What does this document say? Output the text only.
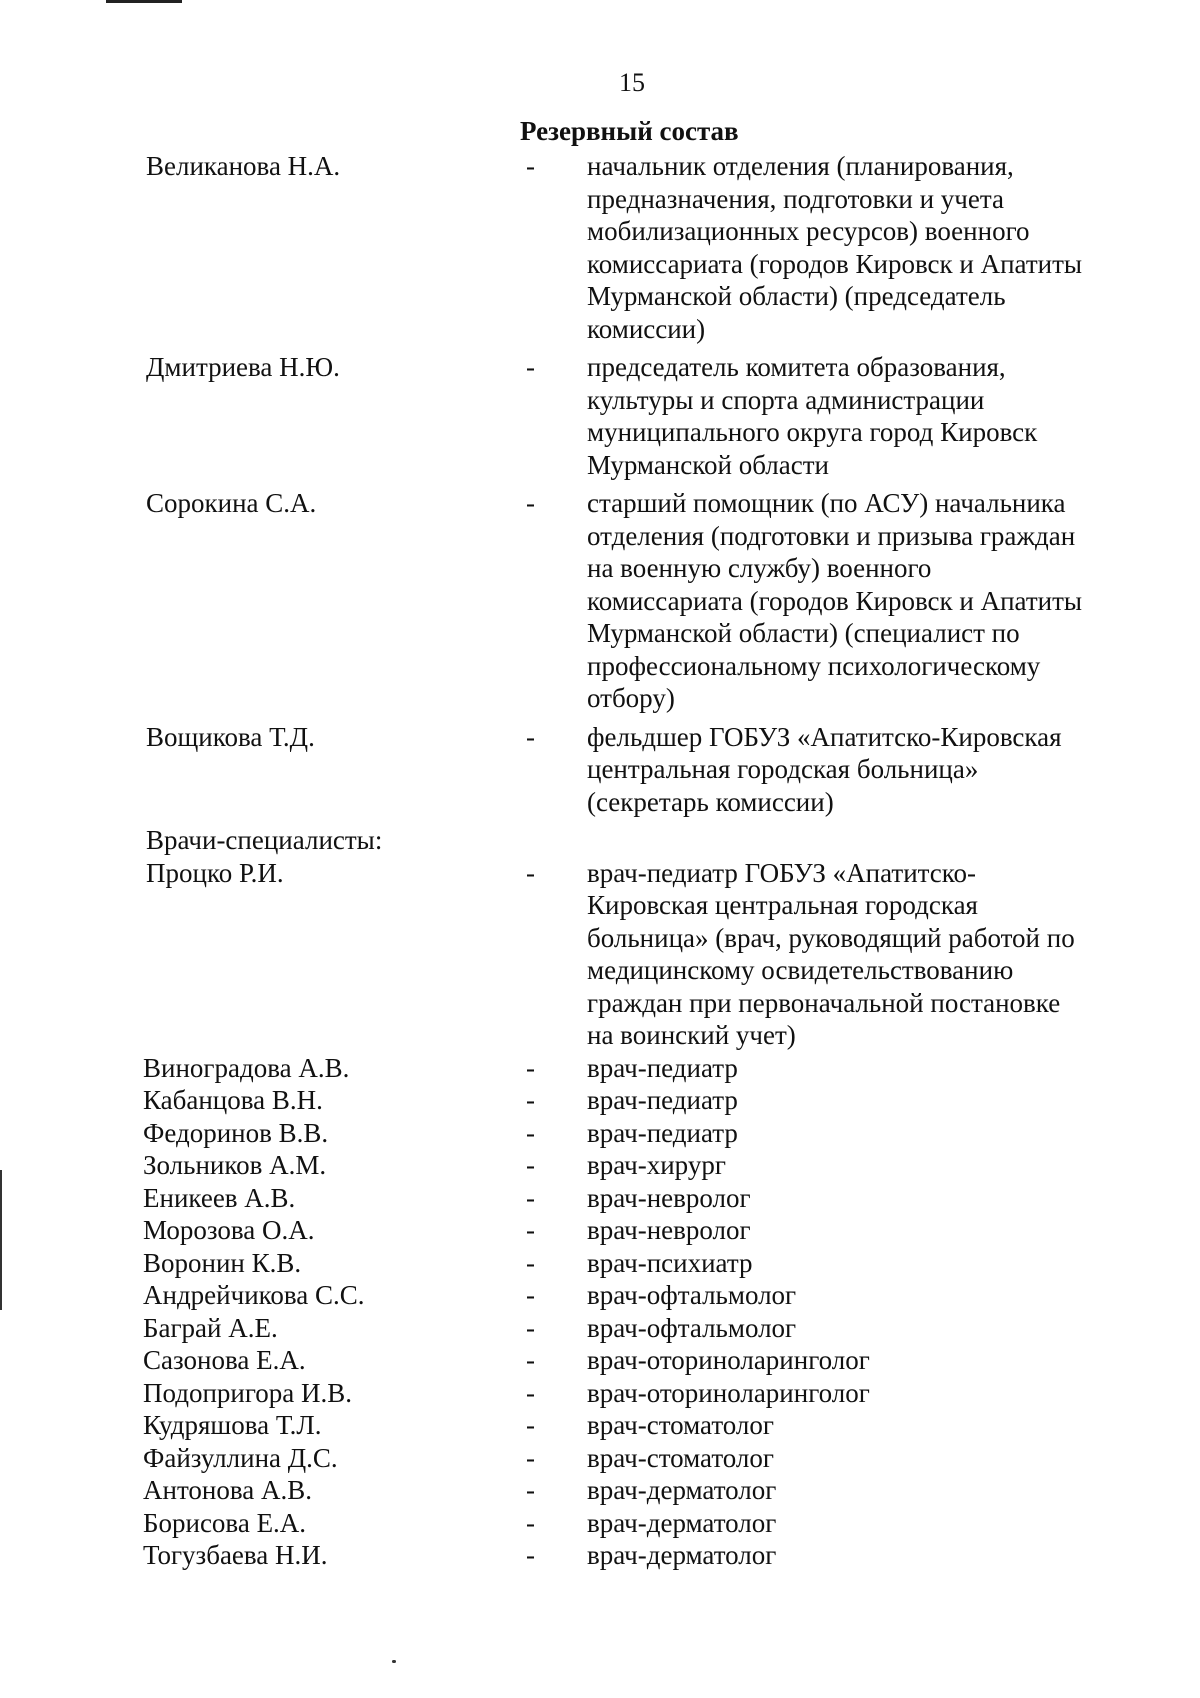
15
Резервный состав
Великанова Н.А.	- начальник отделения (планирования,
предназначения, подготовки и учета
мобилизационных ресурсов) военного
комиссариата (городов Кировск и Апатиты
Мурманской области) (председатель
комиссии)
Дмитриева Н.Ю.	- председатель комитета образования,
культуры и спорта администрации
муниципального округа город Кировск
Мурманской области
Сорокина С.А.	- старший помощник (по АСУ) начальника
отделения (подготовки и призыва граждан
на военную службу) военного
комиссариата (городов Кировск и Апатиты
Мурманской области) (специалист по
профессиональному психологическому
отбору)
Вощикова Т.Д.	- фельдшер ГОБУЗ «Апатитско-Кировская
центральная городская больница»
(секретарь комиссии)
Врачи-специалисты:
Процко Р.И.	- врач-педиатр ГОБУЗ «Апатитско-
Кировская центральная городская
больница» (врач, руководящий работой по
медицинскому освидетельствованию
граждан при первоначальной постановке
на воинский учет)
Виноградова А.В.	- врач-педиатр
Кабанцова В.Н.	- врач-педиатр
Федоринов В.В.	- врач-педиатр
Зольников А.М.	- врач-хирург
Еникеев А.В.	- врач-невролог
Морозова О.А.	- врач-невролог
Воронин К.В.	- врач-психиатр
Андрейчикова С.С.	- врач-офтальмолог
Баграй А.Е.	- врач-офтальмолог
Сазонова Е.А.	- врач-оториноларинголог
Подопригора И.В.	- врач-оториноларинголог
Кудряшова Т.Л.	- врач-стоматолог
Файзуллина Д.С.	- врач-стоматолог
Антонова А.В.	- врач-дерматолог
Борисова Е.А.	- врач-дерматолог
Тогузбаева Н.И.	- врач-дерматолог
